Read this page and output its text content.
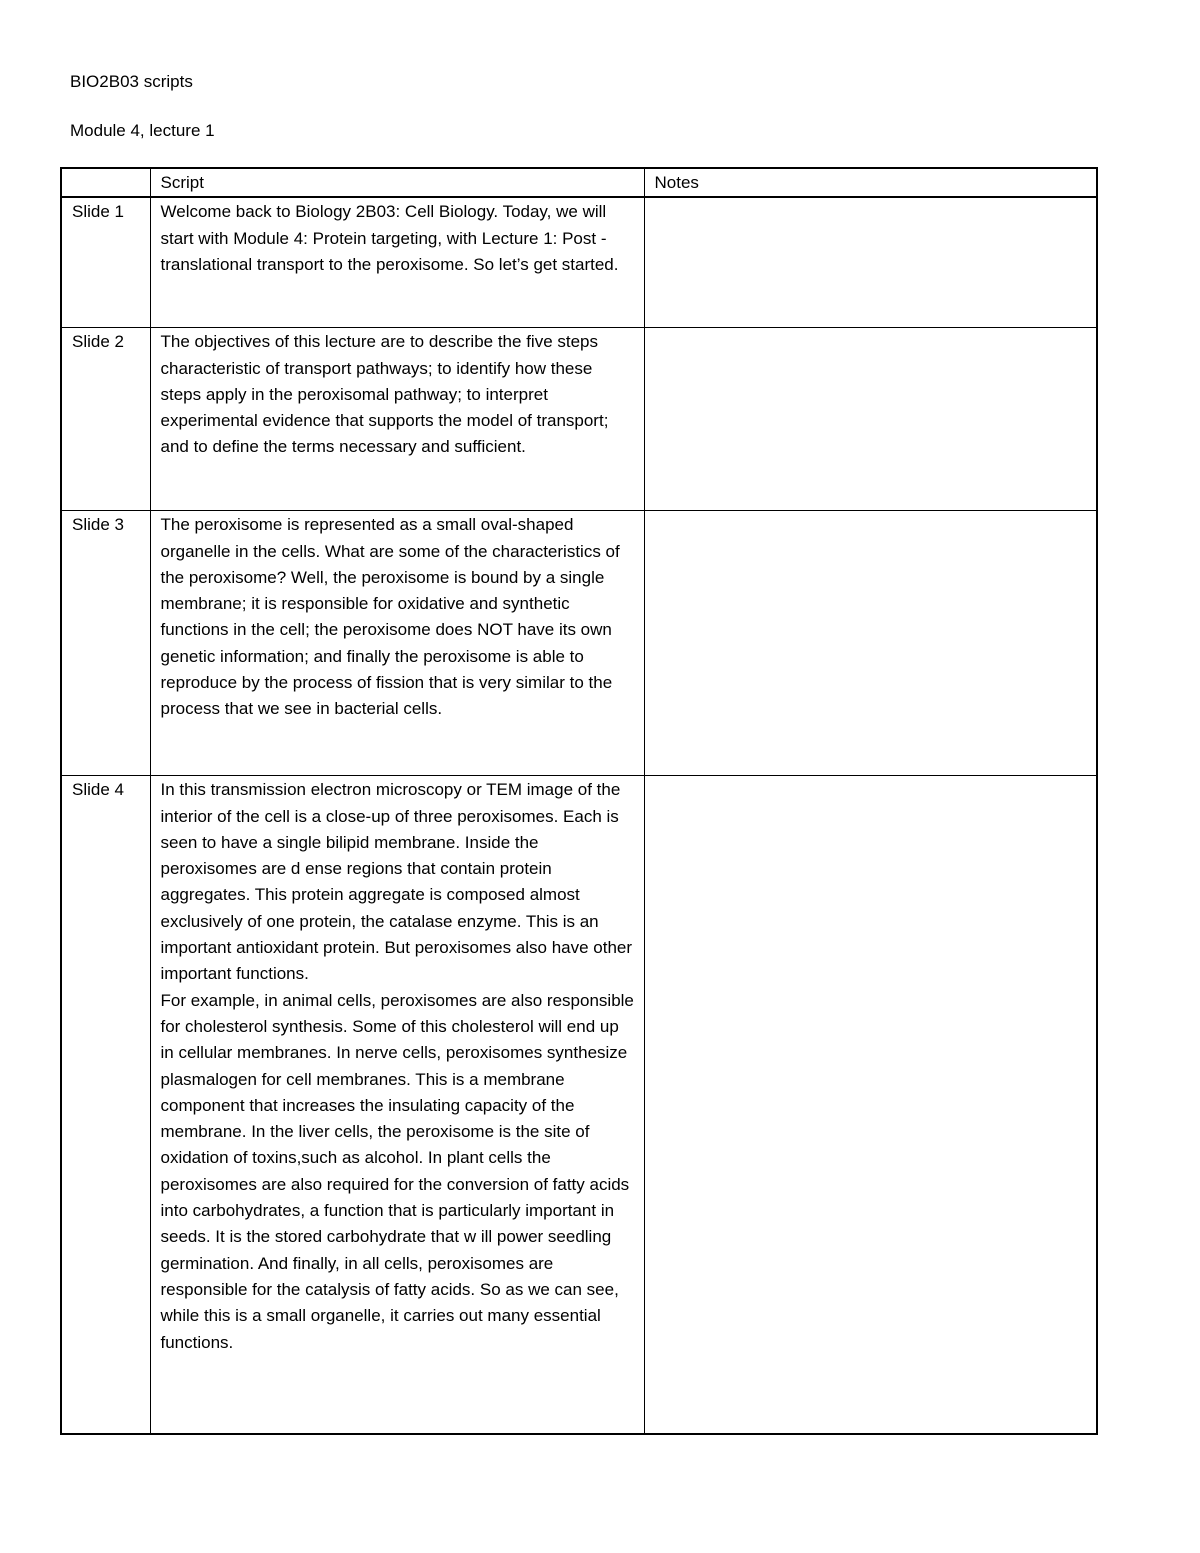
BIO2B03 scripts
Module 4, lecture 1
	Script	Notes
Slide 1	Welcome back to Biology 2B03: Cell Biology. Today, we will start with Module 4: Protein targeting, with Lecture 1: Post - translational transport to the peroxisome. So let’s get started.	
Slide 2	The objectives of this lecture are to describe the five steps characteristic of transport pathways; to identify how these steps apply in the peroxisomal pathway; to interpret experimental evidence that supports the model of transport; and to define the terms necessary and sufficient.	
Slide 3	The peroxisome is represented as a small oval-shaped organelle in the cells. What are some of the characteristics of the peroxisome? Well, the peroxisome is bound by a single membrane; it is responsible for oxidative and synthetic functions in the cell; the peroxisome does NOT have its own genetic information; and finally the peroxisome is able to reproduce by the process of fission that is very similar to the process that we see in bacterial cells.	
Slide 4	In this transmission electron microscopy or TEM image of the interior of the cell is a close-up of three peroxisomes. Each is seen to have a single bilipid membrane. Inside the peroxisomes are d ense regions that contain protein aggregates. This protein aggregate is composed almost exclusively of one protein, the catalase enzyme. This is an important antioxidant protein. But peroxisomes also have other important functions.
For example, in animal cells, peroxisomes are also responsible for cholesterol synthesis. Some of this cholesterol will end up in cellular membranes. In nerve cells, peroxisomes synthesize plasmalogen for cell membranes. This is a membrane component that increases the insulating capacity of the membrane. In the liver cells, the peroxisome is the site of oxidation of toxins,such as alcohol. In plant cells the peroxisomes are also required for the conversion of fatty acids into carbohydrates, a function that is particularly important in seeds. It is the stored carbohydrate that w ill power seedling germination. And finally, in all cells, peroxisomes are responsible for the catalysis of fatty acids. So as we can see, while this is a small organelle, it carries out many essential functions.	
